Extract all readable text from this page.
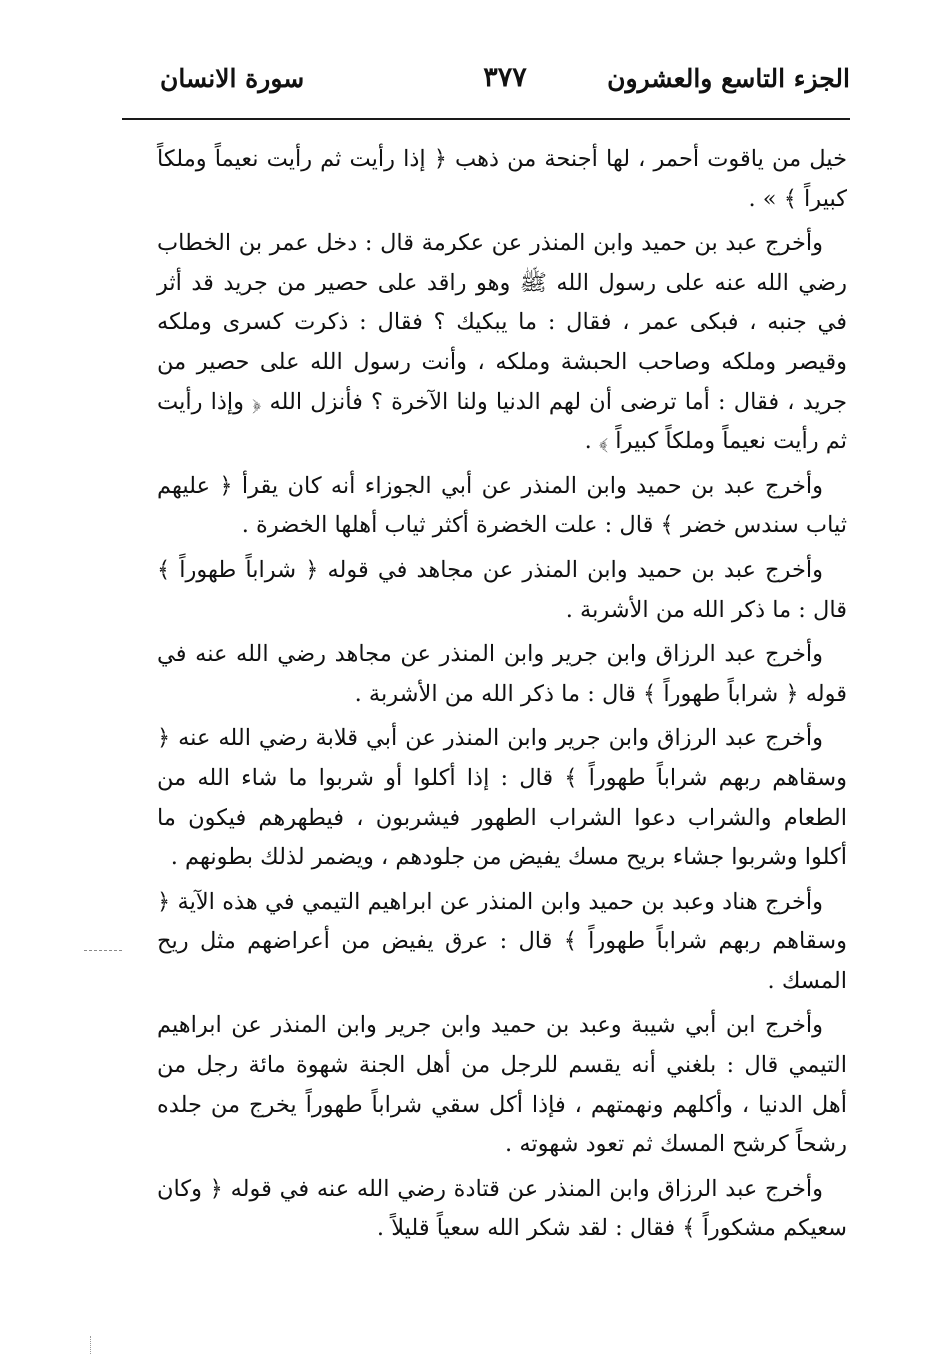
الجزء التاسع والعشرون
٣٧٧
سورة الانسان

خيل من ياقوت أحمر ، لها أجنحة من ذهب ﴿ إذا رأيت ثم رأيت نعيماً وملكاً كبيراً ﴾ » .

وأخرج عبد بن حميد وابن المنذر عن عكرمة قال : دخل عمر بن الخطاب رضي الله عنه على رسول الله ﷺ وهو راقد على حصير من جريد قد أثر في جنبه ، فبكى عمر ، فقال : ما يبكيك ؟ فقال : ذكرت كسرى وملكه وقيصر وملكه وصاحب الحبشة وملكه ، وأنت رسول الله على حصير من جريد ، فقال : أما ترضى أن لهم الدنيا ولنا الآخرة ؟ فأنزل الله ﴿ وإذا رأيت ثم رأيت نعيماً وملكاً كبيراً ﴾ .

وأخرج عبد بن حميد وابن المنذر عن أبي الجوزاء أنه كان يقرأ ﴿ عليهم ثياب سندس خضر ﴾ قال : علت الخضرة أكثر ثياب أهلها الخضرة .

وأخرج عبد بن حميد وابن المنذر عن مجاهد في قوله ﴿ شراباً طهوراً ﴾ قال : ما ذكر الله من الأشربة .

وأخرج عبد الرزاق وابن جرير وابن المنذر عن مجاهد رضي الله عنه في قوله ﴿ شراباً طهوراً ﴾ قال : ما ذكر الله من الأشربة .

وأخرج عبد الرزاق وابن جرير وابن المنذر عن أبي قلابة رضي الله عنه ﴿ وسقاهم ربهم شراباً طهوراً ﴾ قال : إذا أكلوا أو شربوا ما شاء الله من الطعام والشراب دعوا الشراب الطهور فيشربون ، فيطهرهم فيكون ما أكلوا وشربوا جشاء بريح مسك يفيض من جلودهم ، ويضمر لذلك بطونهم .

وأخرج هناد وعبد بن حميد وابن المنذر عن ابراهيم التيمي في هذه الآية ﴿ وسقاهم ربهم شراباً طهوراً ﴾ قال : عرق يفيض من أعراضهم مثل ريح المسك .

وأخرج ابن أبي شيبة وعبد بن حميد وابن جرير وابن المنذر عن ابراهيم التيمي قال : بلغني أنه يقسم للرجل من أهل الجنة شهوة مائة رجل من أهل الدنيا ، وأكلهم ونهمتهم ، فإذا أكل سقي شراباً طهوراً يخرج من جلده رشحاً كرشح المسك ثم تعود شهوته .

وأخرج عبد الرزاق وابن المنذر عن قتادة رضي الله عنه في قوله ﴿ وكان سعيكم مشكوراً ﴾ فقال : لقد شكر الله سعياً قليلاً .
